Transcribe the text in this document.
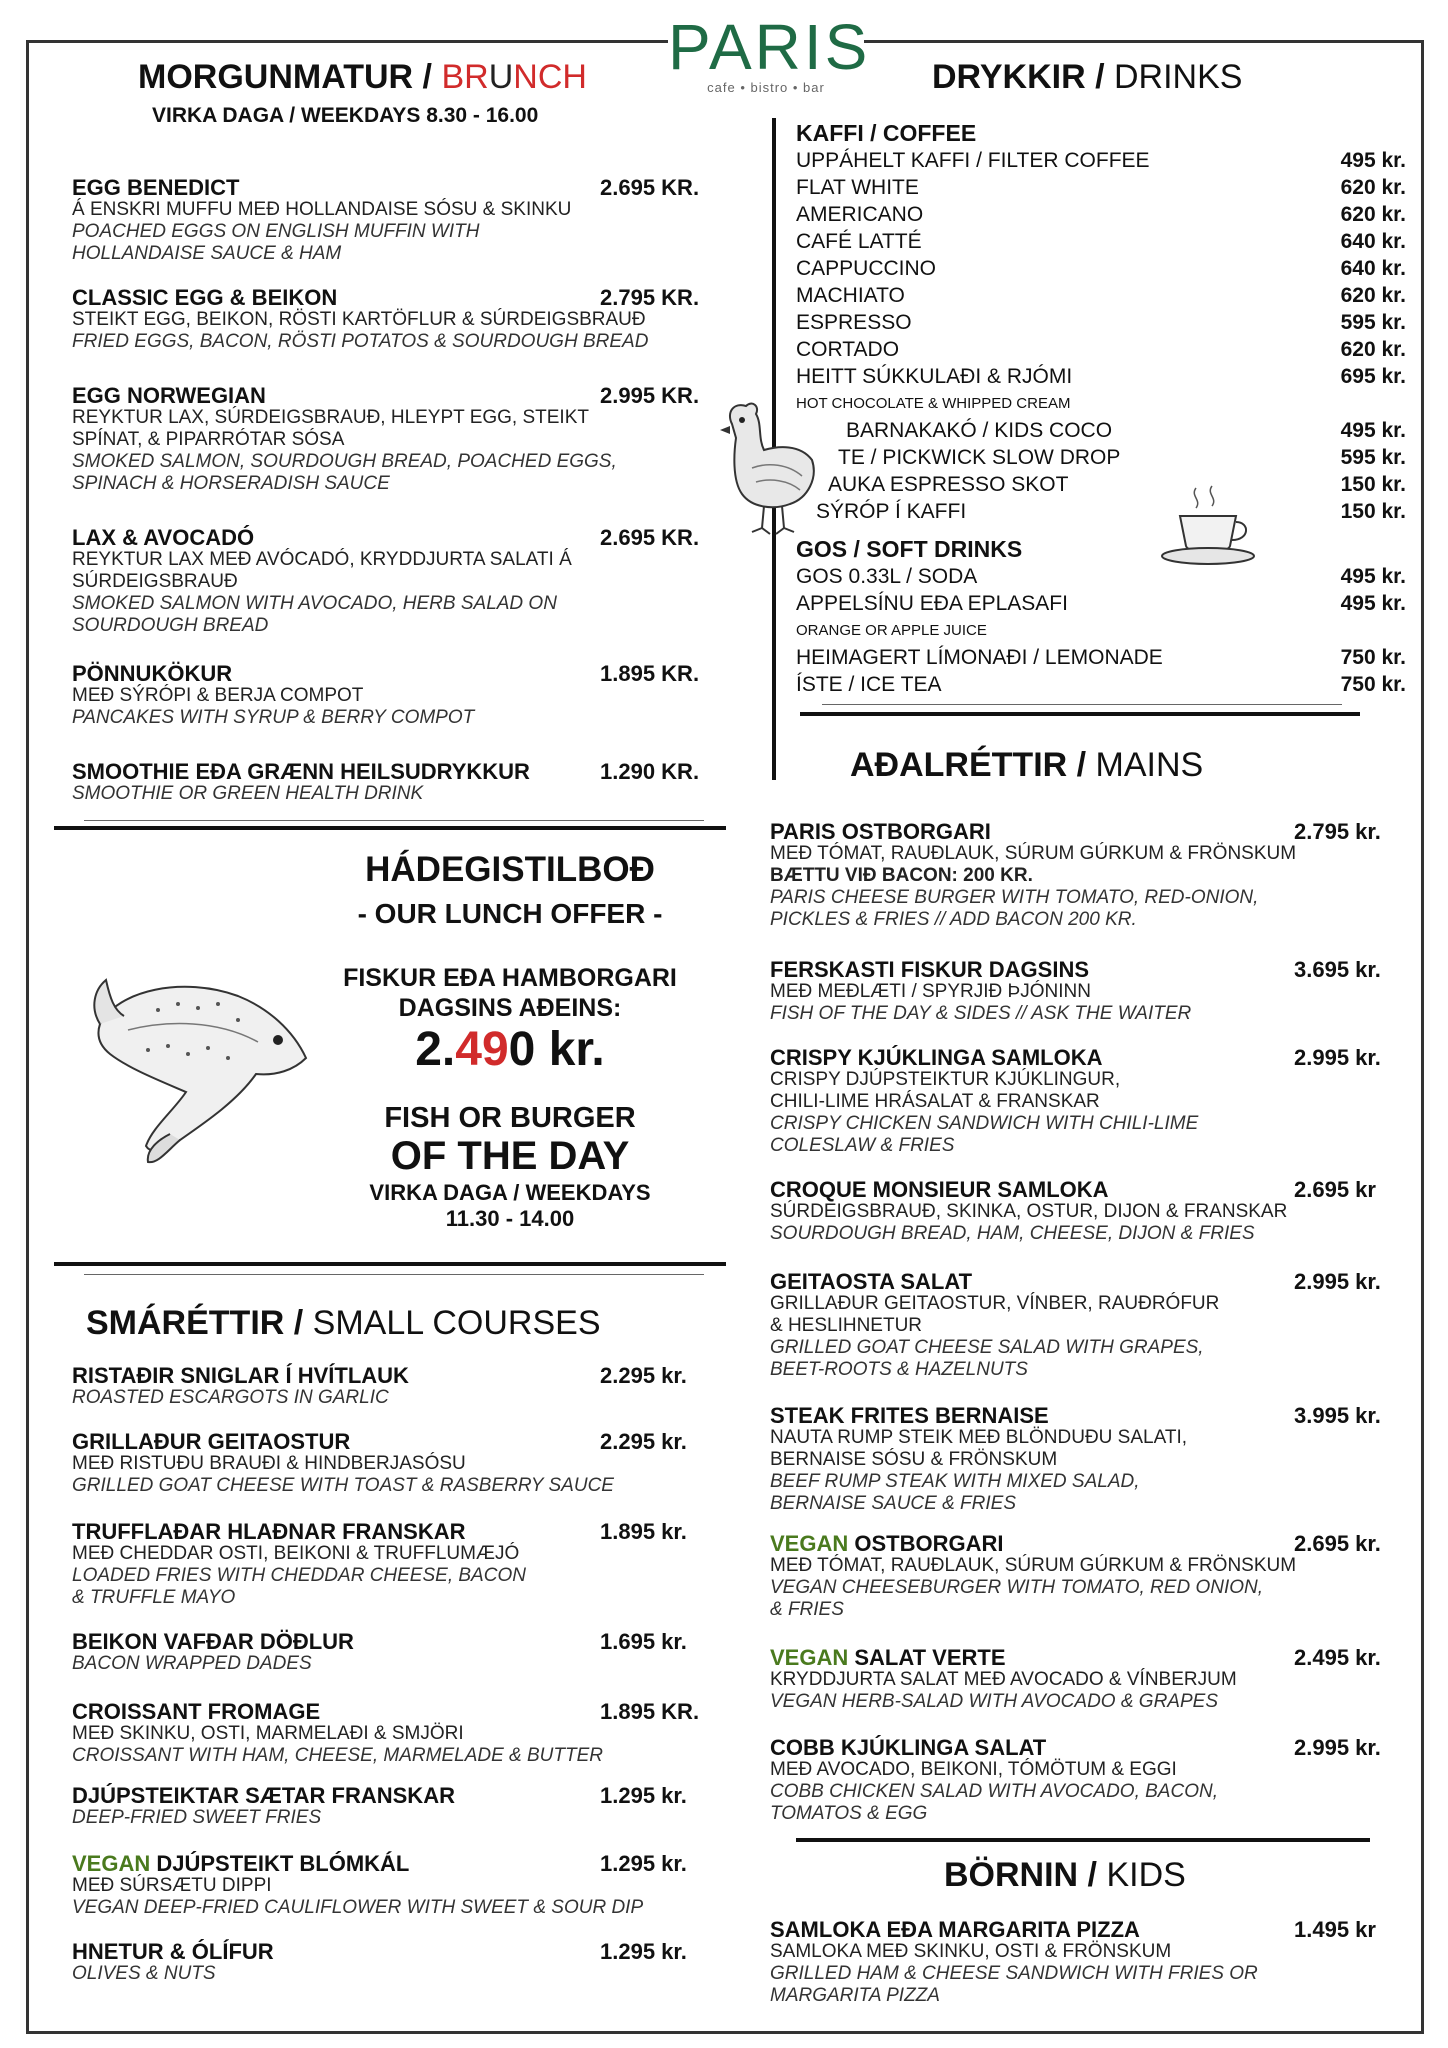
PARIS
cafe • bistro • bar
MORGUNMATUR / BRUNCH
VIRKA DAGA / WEEKDAYS 8.30 - 16.00
EGG BENEDICT	2.695 KR.
Á ENSKRI MUFFU MEÐ HOLLANDAISE SÓSU & SKINKU
POACHED EGGS ON ENGLISH MUFFIN WITH
HOLLANDAISE SAUCE & HAM
CLASSIC EGG & BEIKON	2.795 KR.
STEIKT EGG, BEIKON, RÖSTI KARTÖFLUR & SÚRDEIGSBRAUÐ
FRIED EGGS, BACON, RÖSTI POTATOS & SOURDOUGH BREAD
EGG NORWEGIAN	2.995 KR.
REYKTUR LAX, SÚRDEIGSBRAUÐ, HLEYPT EGG, STEIKT
SPÍNAT, & PIPARRÓTAR SÓSA
SMOKED SALMON, SOURDOUGH BREAD, POACHED EGGS,
SPINACH & HORSERADISH SAUCE
LAX & AVOCADÓ	2.695 KR.
REYKTUR LAX MEÐ AVÓCADÓ, KRYDDJURTA SALATI Á
SÚRDEIGSBRAUÐ
SMOKED SALMON WITH AVOCADO, HERB SALAD ON
SOURDOUGH BREAD
PÖNNUKÖKUR	1.895 KR.
MEÐ SÝRÓPI & BERJA COMPOT
PANCAKES WITH SYRUP & BERRY COMPOT
SMOOTHIE EÐA GRÆNN HEILSUDRYKKUR	1.290 KR.
SMOOTHIE OR GREEN HEALTH DRINK
HÁDEGISTILBOÐ
- OUR LUNCH OFFER -
FISKUR EÐA HAMBORGARI
DAGSINS AÐEINS:
2.490 kr.
FISH OR BURGER
OF THE DAY
VIRKA DAGA / WEEKDAYS
11.30 - 14.00
SMÁRÉTTIR / SMALL COURSES
RISTAÐIR SNIGLAR Í HVÍTLAUK	2.295 kr.
ROASTED ESCARGOTS IN GARLIC
GRILLAÐUR GEITAOSTUR	2.295 kr.
MEÐ RISTUÐU BRAUÐI & HINDBERJASÓSU
GRILLED GOAT CHEESE WITH TOAST & RASBERRY SAUCE
TRUFFLAÐAR HLAÐNAR FRANSKAR	1.895 kr.
MEÐ CHEDDAR OSTI, BEIKONI & TRUFFLUMÆJÓ
LOADED FRIES WITH CHEDDAR CHEESE, BACON
& TRUFFLE MAYO
BEIKON VAFÐAR DÖÐLUR	1.695 kr.
BACON WRAPPED DADES
CROISSANT FROMAGE	1.895 KR.
MEÐ SKINKU, OSTI, MARMELAÐI & SMJÖRI
CROISSANT WITH HAM, CHEESE, MARMELADE & BUTTER
DJÚPSTEIKTAR SÆTAR FRANSKAR	1.295 kr.
DEEP-FRIED SWEET FRIES
VEGAN DJÚPSTEIKT BLÓMKÁL	1.295 kr.
MEÐ SÚRSÆTU DIPPI
VEGAN DEEP-FRIED CAULIFLOWER WITH SWEET & SOUR DIP
HNETUR & ÓLÍFUR	1.295 kr.
OLIVES & NUTS
DRYKKIR / DRINKS
KAFFI / COFFEE
UPPÁHELT KAFFI / FILTER COFFEE	495 kr.
FLAT WHITE	620 kr.
AMERICANO	620 kr.
CAFÉ LATTÉ	640 kr.
CAPPUCCINO	640 kr.
MACHIATO	620 kr.
ESPRESSO	595 kr.
CORTADO	620 kr.
HEITT SÚKKULAÐI & RJÓMI	695 kr.
HOT CHOCOLATE & WHIPPED CREAM
BARNAKAKÓ / KIDS COCO	495 kr.
TE / PICKWICK SLOW DROP	595 kr.
AUKA ESPRESSO SKOT	150 kr.
SÝRÓP Í KAFFI	150 kr.
GOS / SOFT DRINKS
GOS 0.33L / SODA	495 kr.
APPELSÍNU EÐA EPLASAFI	495 kr.
ORANGE OR APPLE JUICE
HEIMAGERT LÍMONAÐI / LEMONADE	750 kr.
ÍSTE / ICE TEA	750 kr.
AÐALRÉTTIR / MAINS
PARIS OSTBORGARI	2.795 kr.
MEÐ TÓMAT, RAUÐLAUK, SÚRUM GÚRKUM & FRÖNSKUM
BÆTTU VIÐ BACON: 200 KR.
PARIS CHEESE BURGER WITH TOMATO, RED-ONION,
PICKLES & FRIES // ADD BACON 200 KR.
FERSKASTI FISKUR DAGSINS	3.695 kr.
MEÐ MEÐLÆTI / SPYRJIÐ ÞJÓNINN
FISH OF THE DAY & SIDES // ASK THE WAITER
CRISPY KJÚKLINGA SAMLOKA	2.995 kr.
CRISPY DJÚPSTEIKTUR KJÚKLINGUR,
CHILI-LIME HRÁSALAT & FRANSKAR
CRISPY CHICKEN SANDWICH WITH CHILI-LIME
COLESLAW & FRIES
CROQUE MONSIEUR SAMLOKA	2.695 kr
SÚRDEIGSBRAUÐ, SKINKA, OSTUR, DIJON & FRANSKAR
SOURDOUGH BREAD, HAM, CHEESE, DIJON & FRIES
GEITAOSTA SALAT	2.995 kr.
GRILLAÐUR GEITAOSTUR, VÍNBER, RAUÐRÓFUR
& HESLIHNETUR
GRILLED GOAT CHEESE SALAD WITH GRAPES,
BEET-ROOTS & HAZELNUTS
STEAK FRITES BERNAISE	3.995 kr.
NAUTA RUMP STEIK MEÐ BLÖNDUÐU SALATI,
BERNAISE SÓSU & FRÖNSKUM
BEEF RUMP STEAK WITH MIXED SALAD,
BERNAISE SAUCE & FRIES
VEGAN OSTBORGARI	2.695 kr.
MEÐ TÓMAT, RAUÐLAUK, SÚRUM GÚRKUM & FRÖNSKUM
VEGAN CHEESEBURGER WITH TOMATO, RED ONION,
& FRIES
VEGAN SALAT VERTE	2.495 kr.
KRYDDJURTA SALAT MEÐ AVOCADO & VÍNBERJUM
VEGAN HERB-SALAD WITH AVOCADO & GRAPES
COBB KJÚKLINGA SALAT	2.995 kr.
MEÐ AVOCADO, BEIKONI, TÓMÖTUM & EGGI
COBB CHICKEN SALAD WITH AVOCADO, BACON,
TOMATOS & EGG
BÖRNIN / KIDS
SAMLOKA EÐA MARGARITA PIZZA	1.495 kr
SAMLOKA MEÐ SKINKU, OSTI & FRÖNSKUM
GRILLED HAM & CHEESE SANDWICH WITH FRIES OR
MARGARITA PIZZA
